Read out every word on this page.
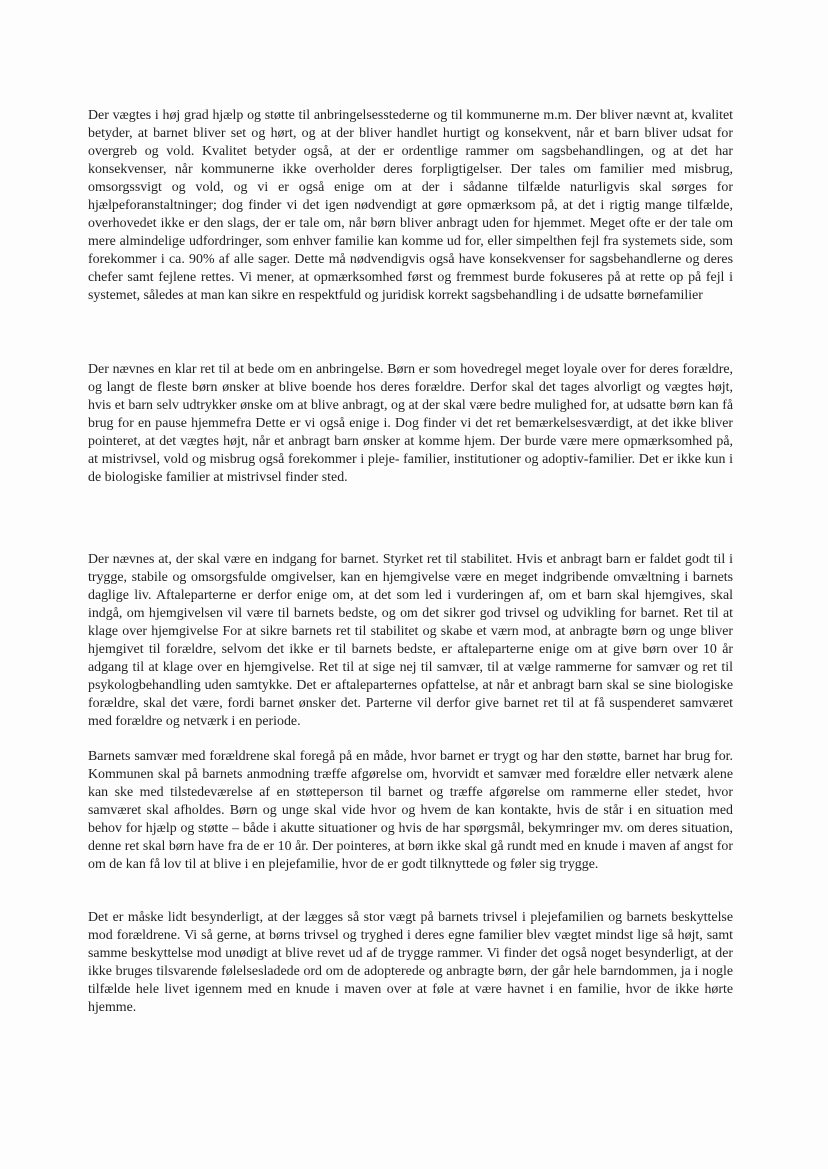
Der vægtes i høj grad hjælp og støtte til anbringelsesstederne og til kommunerne m.m. Der bliver nævnt at, kvalitet betyder, at barnet bliver set og hørt, og at der bliver handlet hurtigt og konsekvent, når et barn bliver udsat for overgreb og vold. Kvalitet betyder også, at der er ordentlige rammer om sagsbehandlingen, og at det har konsekvenser, når kommunerne ikke overholder deres forpligtigelser. Der tales om familier med misbrug, omsorgssvigt og vold, og vi er også enige om at der i sådanne tilfælde naturligvis skal sørges for hjælpeforanstaltninger; dog finder vi det igen nødvendigt at gøre opmærksom på, at det i rigtig mange tilfælde, overhovedet ikke er den slags, der er tale om, når børn bliver anbragt uden for hjemmet. Meget ofte er der tale om mere almindelige udfordringer, som enhver familie kan komme ud for, eller simpelthen fejl fra systemets side, som forekommer i ca. 90% af alle sager. Dette må nødvendigvis også have konsekvenser for sagsbehandlerne og deres chefer samt fejlene rettes. Vi mener, at opmærksomhed først og fremmest burde fokuseres på at rette op på fejl i systemet, således at man kan sikre en respektfuld og juridisk korrekt sagsbehandling i de udsatte børnefamilier

Der nævnes en klar ret til at bede om en anbringelse. Børn er som hovedregel meget loyale over for deres forældre, og langt de fleste børn ønsker at blive boende hos deres forældre. Derfor skal det tages alvorligt og vægtes højt, hvis et barn selv udtrykker ønske om at blive anbragt, og at der skal være bedre mulighed for, at udsatte børn kan få brug for en pause hjemmefra Dette er vi også enige i. Dog finder vi det ret bemærkelsesværdigt, at det ikke bliver pointeret, at det vægtes højt, når et anbragt barn ønsker at komme hjem. Der burde være mere opmærksomhed på, at mistrivsel, vold og misbrug også forekommer i pleje- familier, institutioner og adoptiv-familier. Det er ikke kun i de biologiske familier at mistrivsel finder sted.

Der nævnes at, der skal være en indgang for barnet. Styrket ret til stabilitet. Hvis et anbragt barn er faldet godt til i trygge, stabile og omsorgsfulde omgivelser, kan en hjemgivelse være en meget indgribende omvæltning i barnets daglige liv. Aftaleparterne er derfor enige om, at det som led i vurderingen af, om et barn skal hjemgives, skal indgå, om hjemgivelsen vil være til barnets bedste, og om det sikrer god trivsel og udvikling for barnet. Ret til at klage over hjemgivelse For at sikre barnets ret til stabilitet og skabe et værn mod, at anbragte børn og unge bliver hjemgivet til forældre, selvom det ikke er til barnets bedste, er aftaleparterne enige om at give børn over 10 år adgang til at klage over en hjemgivelse. Ret til at sige nej til samvær, til at vælge rammerne for samvær og ret til psykologbehandling uden samtykke. Det er aftaleparternes opfattelse, at når et anbragt barn skal se sine biologiske forældre, skal det være, fordi barnet ønsker det. Parterne vil derfor give barnet ret til at få suspenderet samværet med forældre og netværk i en periode.

Barnets samvær med forældrene skal foregå på en måde, hvor barnet er trygt og har den støtte, barnet har brug for. Kommunen skal på barnets anmodning træffe afgørelse om, hvorvidt et samvær med forældre eller netværk alene kan ske med tilstedeværelse af en støtteperson til barnet og træffe afgørelse om rammerne eller stedet, hvor samværet skal afholdes. Børn og unge skal vide hvor og hvem de kan kontakte, hvis de står i en situation med behov for hjælp og støtte – både i akutte situationer og hvis de har spørgsmål, bekymringer mv. om deres situation, denne ret skal børn have fra de er 10 år. Der pointeres, at børn ikke skal gå rundt med en knude i maven af angst for om de kan få lov til at blive i en plejefamilie, hvor de er godt tilknyttede og føler sig trygge.

Det er måske lidt besynderligt, at der lægges så stor vægt på barnets trivsel i plejefamilien og barnets beskyttelse mod forældrene. Vi så gerne, at børns trivsel og tryghed i deres egne familier blev vægtet mindst lige så højt, samt samme beskyttelse mod unødigt at blive revet ud af de trygge rammer. Vi finder det også noget besynderligt, at der ikke bruges tilsvarende følelsesladede ord om de adopterede og anbragte børn, der går hele barndommen, ja i nogle tilfælde hele livet igennem med en knude i maven over at føle at være havnet i en familie, hvor de ikke hørte hjemme.
